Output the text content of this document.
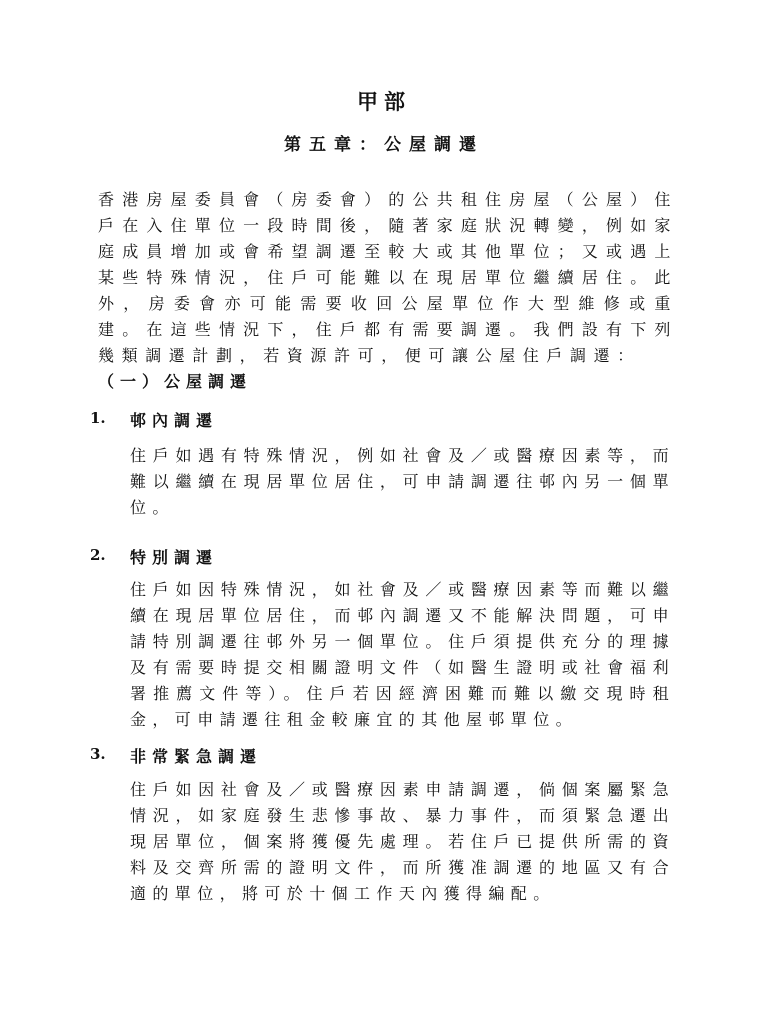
甲部
第五章：公屋調遷
香港房屋委員會（房委會）的公共租住房屋（公屋）住戶在入住單位一段時間後，隨著家庭狀況轉變，例如家庭成員增加或會希望調遷至較大或其他單位；又或遇上某些特殊情況，住戶可能難以在現居單位繼續居住。此外，房委會亦可能需要收回公屋單位作大型維修或重建。在這些情況下，住戶都有需要調遷。我們設有下列幾類調遷計劃，若資源許可，便可讓公屋住戶調遷：
（一）公屋調遷
1. 邨內調遷
住戶如遇有特殊情況，例如社會及／或醫療因素等，而難以繼續在現居單位居住，可申請調遷往邨內另一個單位。
2. 特別調遷
住戶如因特殊情況，如社會及／或醫療因素等而難以繼續在現居單位居住，而邨內調遷又不能解決問題，可申請特別調遷往邨外另一個單位。住戶須提供充分的理據及有需要時提交相關證明文件（如醫生證明或社會福利署推薦文件等）。住戶若因經濟困難而難以繳交現時租金，可申請遷往租金較廉宜的其他屋邨單位。
3. 非常緊急調遷
住戶如因社會及／或醫療因素申請調遷，倘個案屬緊急情況，如家庭發生悲慘事故、暴力事件，而須緊急遷出現居單位，個案將獲優先處理。若住戶已提供所需的資料及交齊所需的證明文件，而所獲准調遷的地區又有合適的單位，將可於十個工作天內獲得編配。
